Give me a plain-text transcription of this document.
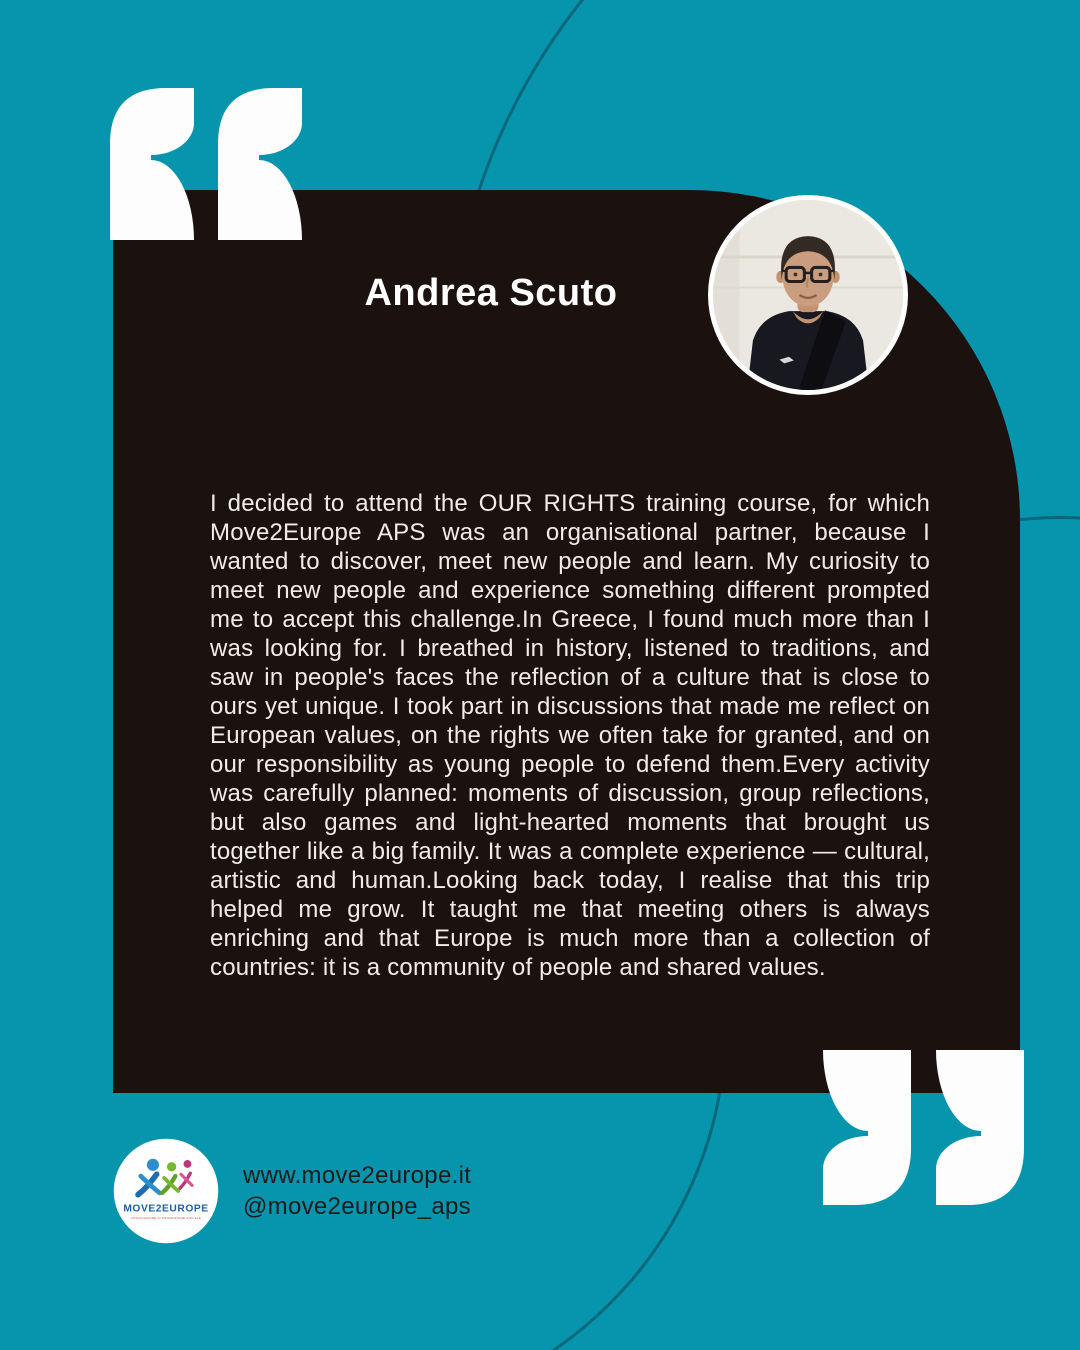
Andrea Scuto
I decided to attend the OUR RIGHTS training course, for which Move2Europe APS was an organisational partner, because I wanted to discover, meet new people and learn. My curiosity to meet new people and experience something different prompted me to accept this challenge.In Greece, I found much more than I was looking for. I breathed in history, listened to traditions, and saw in people's faces the reflection of a culture that is close to ours yet unique. I took part in discussions that made me reflect on European values, on the rights we often take for granted, and on our responsibility as young people to defend them.Every activity was carefully planned: moments of discussion, group reflections, but also games and light-hearted moments that brought us together like a big family. It was a complete experience — cultural, artistic and human.Looking back today, I realise that this trip helped me grow. It taught me that meeting others is always enriching and that Europe is much more than a collection of countries: it is a community of people and shared values.
MOVE2EUROPE
ASSOCIAZIONE DI PROMOZIONE SOCIALE
www.move2europe.it
@move2europe_aps
